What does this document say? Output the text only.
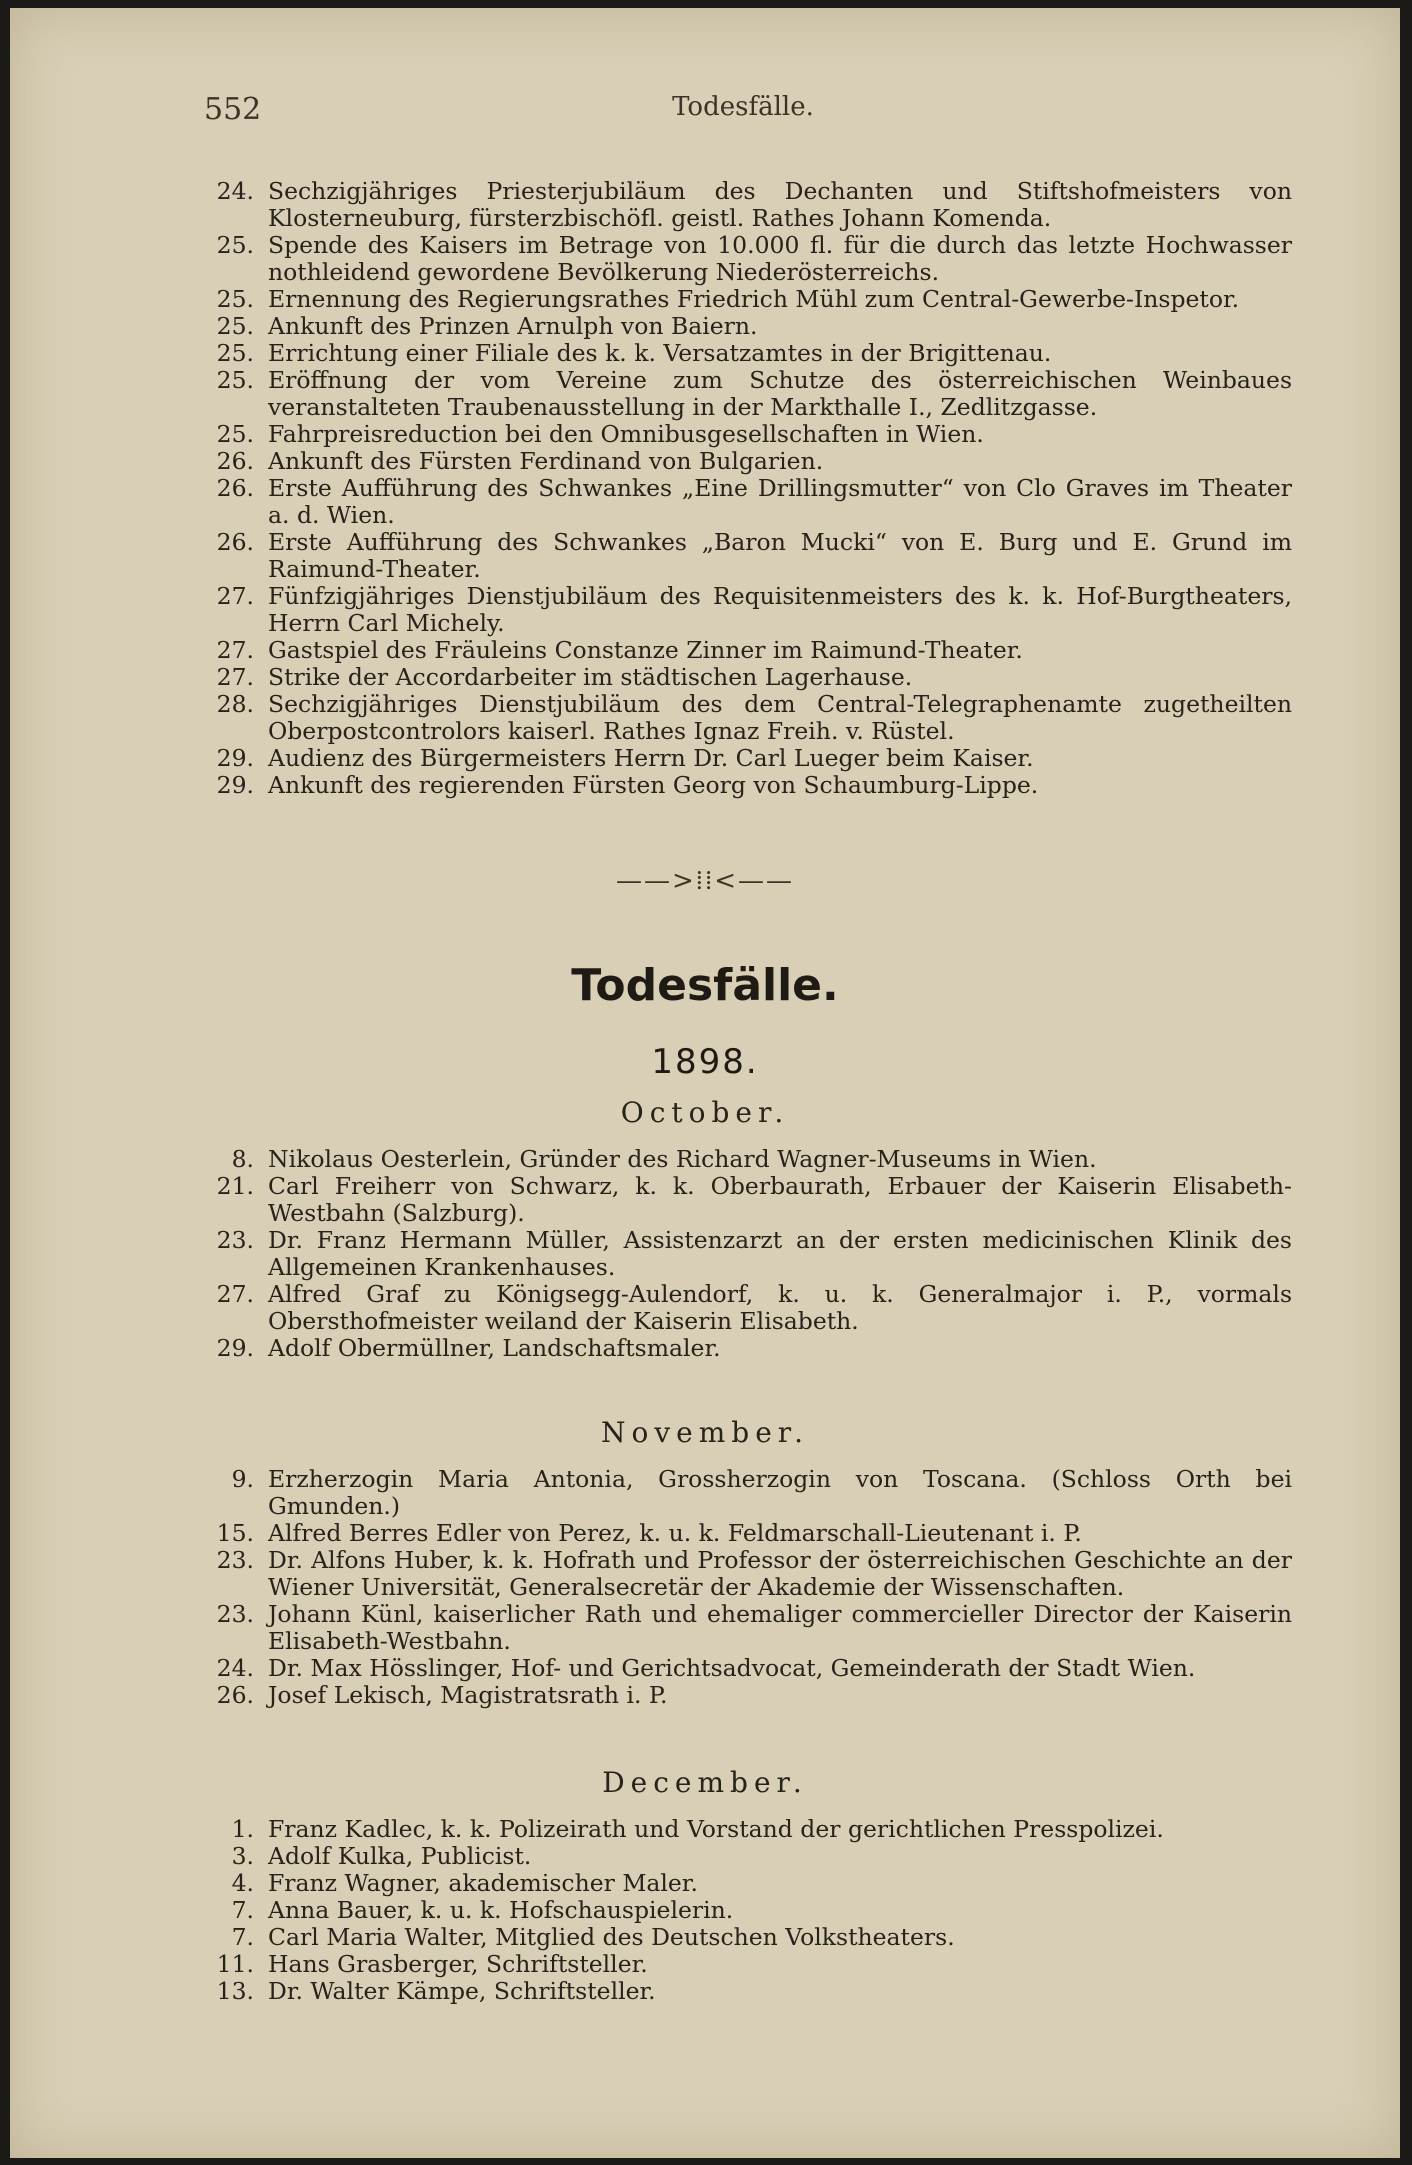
552	Todesfälle.
24. Sechzigjähriges Priesterjubiläum des Dechanten und Stiftshofmeisters von Klosterneuburg, fürsterzbischöfl. geistl. Rathes Johann Komenda.
25. Spende des Kaisers im Betrage von 10.000 fl. für die durch das letzte Hochwasser nothleidend gewordene Bevölkerung Niederösterreichs.
25. Ernennung des Regierungsrathes Friedrich Mühl zum Central-Gewerbe-Inspetor.
25. Ankunft des Prinzen Arnulph von Baiern.
25. Errichtung einer Filiale des k. k. Versatzamtes in der Brigittenau.
25. Eröffnung der vom Vereine zum Schutze des österreichischen Weinbaues veranstalteten Traubenausstellung in der Markthalle I., Zedlitzgasse.
25. Fahrpreisreduction bei den Omnibusgesellschaften in Wien.
26. Ankunft des Fürsten Ferdinand von Bulgarien.
26. Erste Aufführung des Schwankes „Eine Drillingsmutter“ von Clo Graves im Theater a. d. Wien.
26. Erste Aufführung des Schwankes „Baron Mucki“ von E. Burg und E. Grund im Raimund-Theater.
27. Fünfzigjähriges Dienstjubiläum des Requisitenmeisters des k. k. Hof-Burgtheaters, Herrn Carl Michely.
27. Gastspiel des Fräuleins Constanze Zinner im Raimund-Theater.
27. Strike der Accordarbeiter im städtischen Lagerhause.
28. Sechzigjähriges Dienstjubiläum des dem Central-Telegraphenamte zugetheilten Oberpostcontrolors kaiserl. Rathes Ignaz Freih. v. Rüstel.
29. Audienz des Bürgermeisters Herrn Dr. Carl Lueger beim Kaiser.
29. Ankunft des regierenden Fürsten Georg von Schaumburg-Lippe.
——>⁞⁞<——
Todesfälle.
1898.
October.
8. Nikolaus Oesterlein, Gründer des Richard Wagner-Museums in Wien.
21. Carl Freiherr von Schwarz, k. k. Oberbaurath, Erbauer der Kaiserin Elisabeth-Westbahn (Salzburg).
23. Dr. Franz Hermann Müller, Assistenzarzt an der ersten medicinischen Klinik des Allgemeinen Krankenhauses.
27. Alfred Graf zu Königsegg-Aulendorf, k. u. k. Generalmajor i. P., vormals Obersthofmeister weiland der Kaiserin Elisabeth.
29. Adolf Obermüllner, Landschaftsmaler.
November.
9. Erzherzogin Maria Antonia, Grossherzogin von Toscana. (Schloss Orth bei Gmunden.)
15. Alfred Berres Edler von Perez, k. u. k. Feldmarschall-Lieutenant i. P.
23. Dr. Alfons Huber, k. k. Hofrath und Professor der österreichischen Geschichte an der Wiener Universität, Generalsecretär der Akademie der Wissenschaften.
23. Johann Künl, kaiserlicher Rath und ehemaliger commercieller Director der Kaiserin Elisabeth-Westbahn.
24. Dr. Max Hösslinger, Hof- und Gerichtsadvocat, Gemeinderath der Stadt Wien.
26. Josef Lekisch, Magistratsrath i. P.
December.
1. Franz Kadlec, k. k. Polizeirath und Vorstand der gerichtlichen Presspolizei.
3. Adolf Kulka, Publicist.
4. Franz Wagner, akademischer Maler.
7. Anna Bauer, k. u. k. Hofschauspielerin.
7. Carl Maria Walter, Mitglied des Deutschen Volkstheaters.
11. Hans Grasberger, Schriftsteller.
13. Dr. Walter Kämpe, Schriftsteller.
